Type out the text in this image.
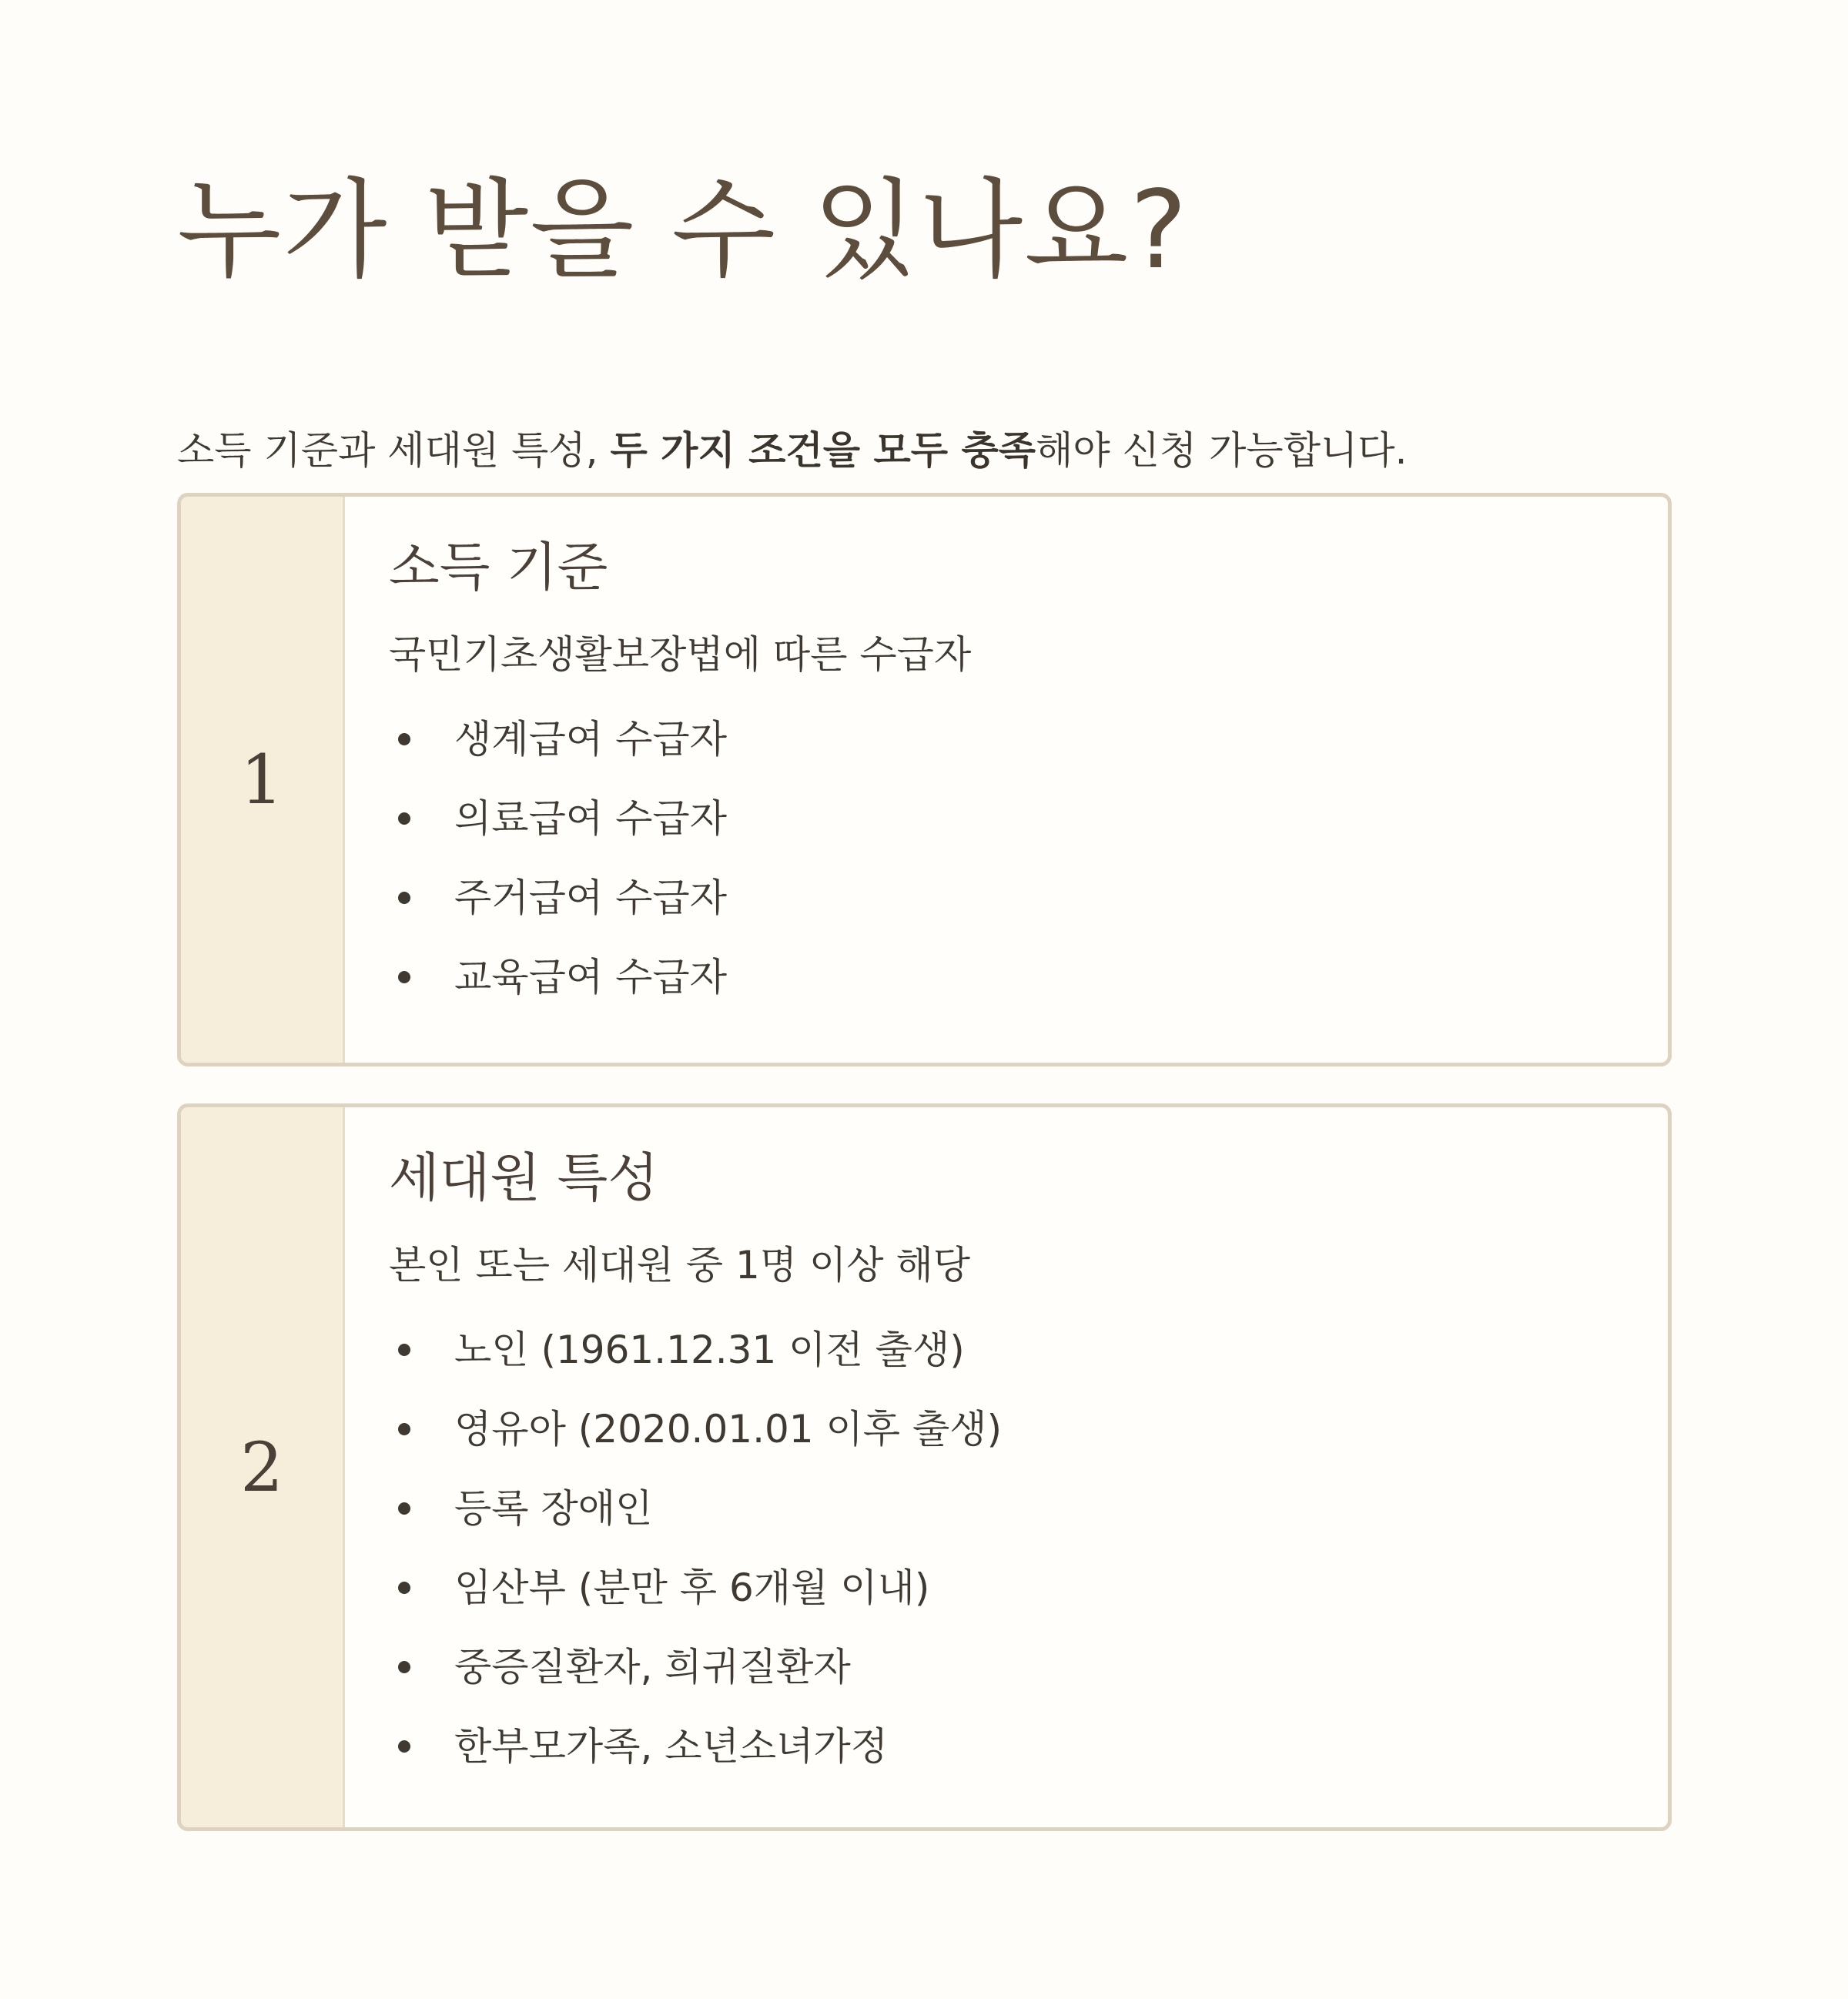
누가 받을 수 있나요?

소득 기준과 세대원 특성, 두 가지 조건을 모두 충족해야 신청 가능합니다.

1
소득 기준
국민기초생활보장법에 따른 수급자
생계급여 수급자
의료급여 수급자
주거급여 수급자
교육급여 수급자
2
세대원 특성
본인 또는 세대원 중 1명 이상 해당
노인 (1961.12.31 이전 출생)
영유아 (2020.01.01 이후 출생)
등록 장애인
임산부 (분만 후 6개월 이내)
중증질환자, 희귀질환자
한부모가족, 소년소녀가정
